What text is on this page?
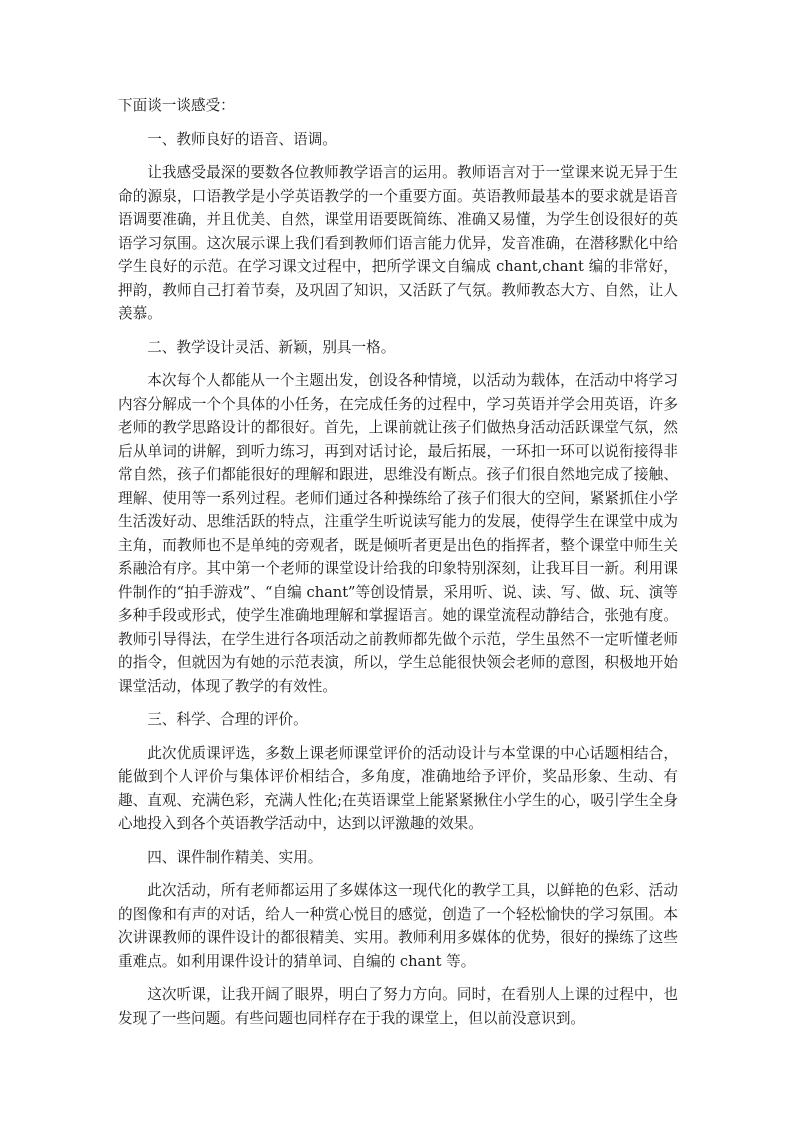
下面谈一谈感受：

一、教师良好的语音、语调。

让我感受最深的要数各位教师教学语言的运用。教师语言对于一堂课来说无异于生命的源泉，口语教学是小学英语教学的一个重要方面。英语教师最基本的要求就是语音语调要准确，并且优美、自然，课堂用语要既简练、准确又易懂，为学生创设很好的英语学习氛围。这次展示课上我们看到教师们语言能力优异，发音准确，在潜移默化中给学生良好的示范。在学习课文过程中，把所学课文自编成 chant,chant 编的非常好，押韵，教师自己打着节奏，及巩固了知识，又活跃了气氛。教师教态大方、自然，让人羡慕。

二、教学设计灵活、新颖，别具一格。

本次每个人都能从一个主题出发，创设各种情境，以活动为载体，在活动中将学习内容分解成一个个具体的小任务，在完成任务的过程中，学习英语并学会用英语，许多老师的教学思路设计的都很好。首先，上课前就让孩子们做热身活动活跃课堂气氛，然后从单词的讲解，到听力练习，再到对话讨论，最后拓展，一环扣一环可以说衔接得非常自然，孩子们都能很好的理解和跟进，思维没有断点。孩子们很自然地完成了接触、理解、使用等一系列过程。老师们通过各种操练给了孩子们很大的空间，紧紧抓住小学生活泼好动、思维活跃的特点，注重学生听说读写能力的发展，使得学生在课堂中成为主角，而教师也不是单纯的旁观者，既是倾听者更是出色的指挥者，整个课堂中师生关系融洽有序。其中第一个老师的课堂设计给我的印象特别深刻，让我耳目一新。利用课件制作的“拍手游戏”、“自编 chant”等创设情景，采用听、说、读、写、做、玩、演等多种手段或形式，使学生准确地理解和掌握语言。她的课堂流程动静结合，张弛有度。教师引导得法，在学生进行各项活动之前教师都先做个示范，学生虽然不一定听懂老师的指令，但就因为有她的示范表演，所以，学生总能很快领会老师的意图，积极地开始课堂活动，体现了教学的有效性。

三、科学、合理的评价。

此次优质课评选，多数上课老师课堂评价的活动设计与本堂课的中心话题相结合，能做到个人评价与集体评价相结合，多角度，准确地给予评价，奖品形象、生动、有趣、直观、充满色彩，充满人性化;在英语课堂上能紧紧揪住小学生的心，吸引学生全身心地投入到各个英语教学活动中，达到以评激趣的效果。

四、课件制作精美、实用。

此次活动，所有老师都运用了多媒体这一现代化的教学工具，以鲜艳的色彩、活动的图像和有声的对话，给人一种赏心悦目的感觉，创造了一个轻松愉快的学习氛围。本次讲课教师的课件设计的都很精美、实用。教师利用多媒体的优势，很好的操练了这些重难点。如利用课件设计的猜单词、自编的 chant 等。

这次听课，让我开阔了眼界，明白了努力方向。同时，在看别人上课的过程中，也发现了一些问题。有些问题也同样存在于我的课堂上，但以前没意识到。
